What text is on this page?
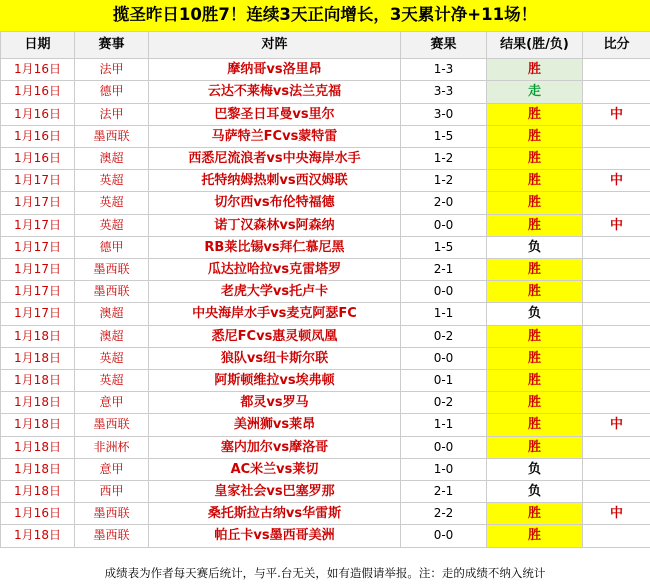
揽圣昨日10胜7！连续3天正向增长，3天累计净+11场！
日期	赛事	对阵	赛果	结果(胜/负)	比分
1月16日	法甲	摩纳哥vs洛里昂	1-3	胜	
1月16日	德甲	云达不莱梅vs法兰克福	3-3	走	
1月16日	法甲	巴黎圣日耳曼vs里尔	3-0	胜	中
1月16日	墨西联	马萨特兰FCvs蒙特雷	1-5	胜	
1月16日	澳超	西悉尼流浪者vs中央海岸水手	1-2	胜	
1月17日	英超	托特纳姆热刺vs西汉姆联	1-2	胜	中
1月17日	英超	切尔西vs布伦特福德	2-0	胜	
1月17日	英超	诺丁汉森林vs阿森纳	0-0	胜	中
1月17日	德甲	RB莱比锡vs拜仁慕尼黑	1-5	负	
1月17日	墨西联	瓜达拉哈拉vs克雷塔罗	2-1	胜	
1月17日	墨西联	老虎大学vs托卢卡	0-0	胜	
1月17日	澳超	中央海岸水手vs麦克阿瑟FC	1-1	负	
1月18日	澳超	悉尼FCvs惠灵顿凤凰	0-2	胜	
1月18日	英超	狼队vs纽卡斯尔联	0-0	胜	
1月18日	英超	阿斯顿维拉vs埃弗顿	0-1	胜	
1月18日	意甲	都灵vs罗马	0-2	胜	
1月18日	墨西联	美洲狮vs莱昂	1-1	胜	中
1月18日	非洲杯	塞内加尔vs摩洛哥	0-0	胜	
1月18日	意甲	AC米兰vs莱切	1-0	负	
1月18日	西甲	皇家社会vs巴塞罗那	2-1	负	
1月16日	墨西联	桑托斯拉古纳vs华雷斯	2-2	胜	中
1月18日	墨西联	帕丘卡vs墨西哥美洲	0-0	胜	
成绩表为作者每天赛后统计，与平.台无关，如有造假请举报。注：走的成绩不纳入统计
